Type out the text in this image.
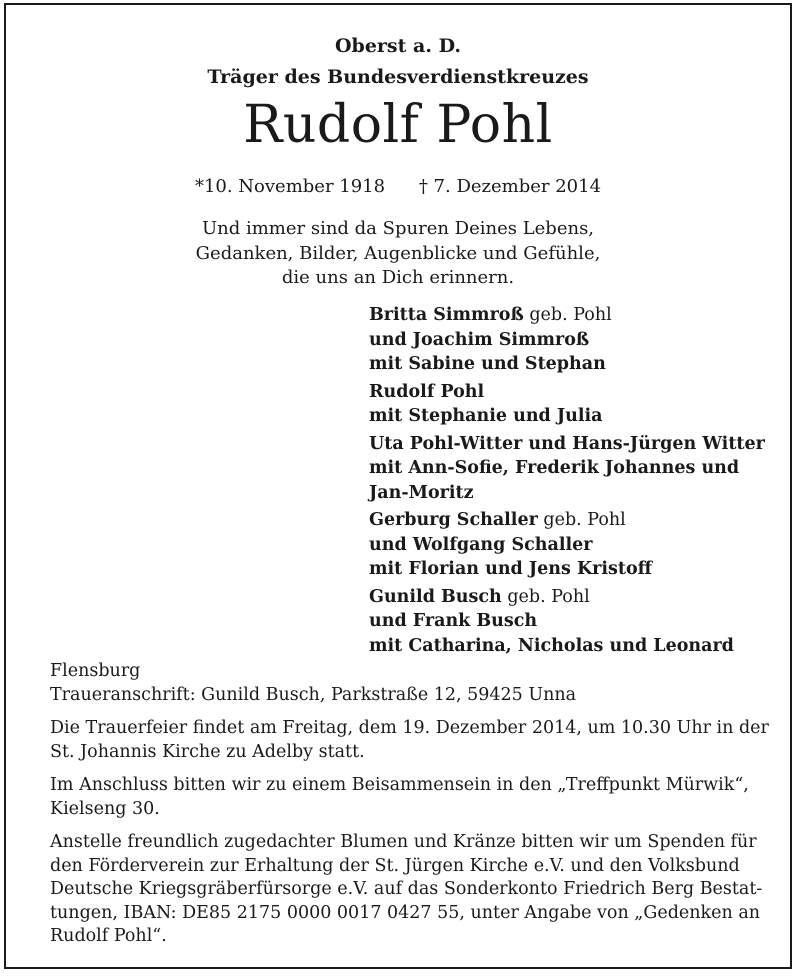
Oberst a. D.
Träger des Bundesverdienstkreuzes
Rudolf Pohl
*10. November 1918 † 7. Dezember 2014
Und immer sind da Spuren Deines Lebens,
Gedanken, Bilder, Augenblicke und Gefühle,
die uns an Dich erinnern.
Britta Simmroß geb. Pohl
und Joachim Simmroß
mit Sabine und Stephan
Rudolf Pohl
mit Stephanie und Julia
Uta Pohl-Witter und Hans-Jürgen Witter
mit Ann-Sofie, Frederik Johannes und
Jan-Moritz
Gerburg Schaller geb. Pohl
und Wolfgang Schaller
mit Florian und Jens Kristoff
Gunild Busch geb. Pohl
und Frank Busch
mit Catharina, Nicholas und Leonard
Flensburg
Traueranschrift: Gunild Busch, Parkstraße 12, 59425 Unna
Die Trauerfeier findet am Freitag, dem 19. Dezember 2014, um 10.30 Uhr in der
St. Johannis Kirche zu Adelby statt.
Im Anschluss bitten wir zu einem Beisammensein in den „Treffpunkt Mürwik“,
Kielseng 30.
Anstelle freundlich zugedachter Blumen und Kränze bitten wir um Spenden für
den Förderverein zur Erhaltung der St. Jürgen Kirche e.V. und den Volksbund
Deutsche Kriegsgräberfürsorge e.V. auf das Sonderkonto Friedrich Berg Bestat-
tungen, IBAN: DE85 2175 0000 0017 0427 55, unter Angabe von „Gedenken an
Rudolf Pohl“.
